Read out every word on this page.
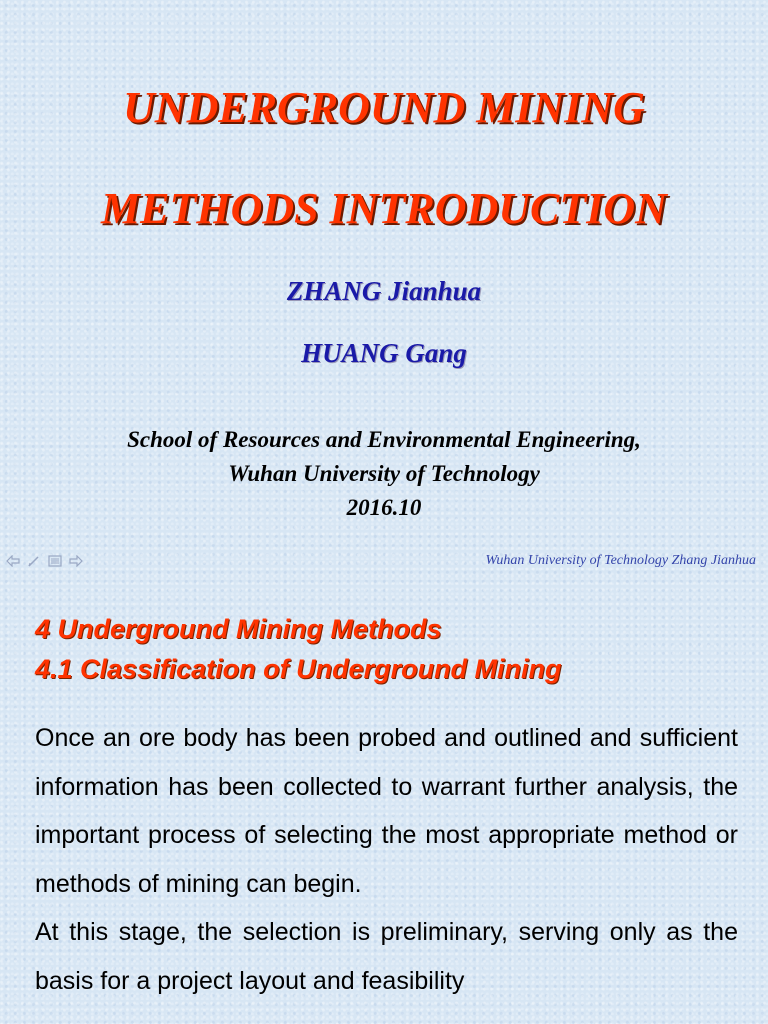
UNDERGROUND MINING
METHODS INTRODUCTION
ZHANG Jianhua
HUANG Gang
School of Resources and Environmental Engineering,
Wuhan University of Technology
2016.10
Wuhan University of Technology Zhang Jianhua
4 Underground Mining Methods
4.1 Classification of Underground Mining

Once an ore body has been probed and outlined and sufficient information has been collected to warrant further analysis, the important process of selecting the most appropriate method or methods of mining can begin.

At this stage, the selection is preliminary, serving only as the basis for a project layout and feasibility
